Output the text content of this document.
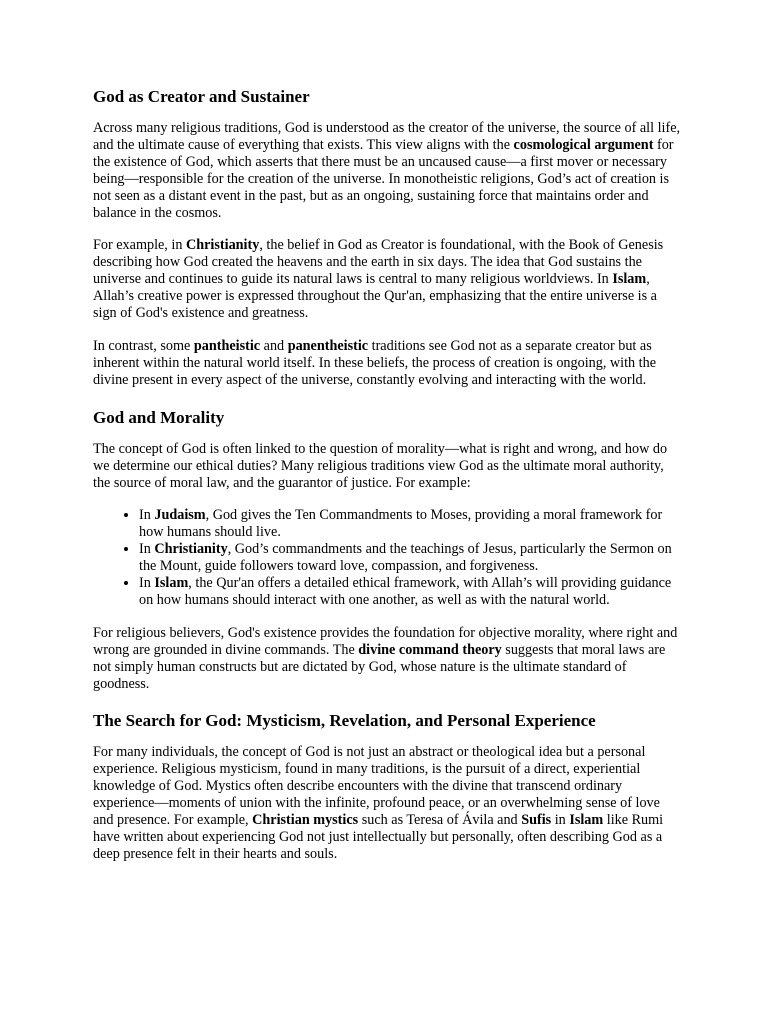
God as Creator and Sustainer

Across many religious traditions, God is understood as the creator of the universe, the source of all life, and the ultimate cause of everything that exists. This view aligns with the cosmological argument for the existence of God, which asserts that there must be an uncaused cause—a first mover or necessary being—responsible for the creation of the universe. In monotheistic religions, God’s act of creation is not seen as a distant event in the past, but as an ongoing, sustaining force that maintains order and balance in the cosmos.

For example, in Christianity, the belief in God as Creator is foundational, with the Book of Genesis describing how God created the heavens and the earth in six days. The idea that God sustains the universe and continues to guide its natural laws is central to many religious worldviews. In Islam, Allah’s creative power is expressed throughout the Qur'an, emphasizing that the entire universe is a sign of God's existence and greatness.

In contrast, some pantheistic and panentheistic traditions see God not as a separate creator but as inherent within the natural world itself. In these beliefs, the process of creation is ongoing, with the divine present in every aspect of the universe, constantly evolving and interacting with the world.

God and Morality

The concept of God is often linked to the question of morality—what is right and wrong, and how do we determine our ethical duties? Many religious traditions view God as the ultimate moral authority, the source of moral law, and the guarantor of justice. For example:

• In Judaism, God gives the Ten Commandments to Moses, providing a moral framework for how humans should live.
• In Christianity, God’s commandments and the teachings of Jesus, particularly the Sermon on the Mount, guide followers toward love, compassion, and forgiveness.
• In Islam, the Qur'an offers a detailed ethical framework, with Allah’s will providing guidance on how humans should interact with one another, as well as with the natural world.

For religious believers, God's existence provides the foundation for objective morality, where right and wrong are grounded in divine commands. The divine command theory suggests that moral laws are not simply human constructs but are dictated by God, whose nature is the ultimate standard of goodness.

The Search for God: Mysticism, Revelation, and Personal Experience

For many individuals, the concept of God is not just an abstract or theological idea but a personal experience. Religious mysticism, found in many traditions, is the pursuit of a direct, experiential knowledge of God. Mystics often describe encounters with the divine that transcend ordinary experience—moments of union with the infinite, profound peace, or an overwhelming sense of love and presence. For example, Christian mystics such as Teresa of Ávila and Sufis in Islam like Rumi have written about experiencing God not just intellectually but personally, often describing God as a deep presence felt in their hearts and souls.
